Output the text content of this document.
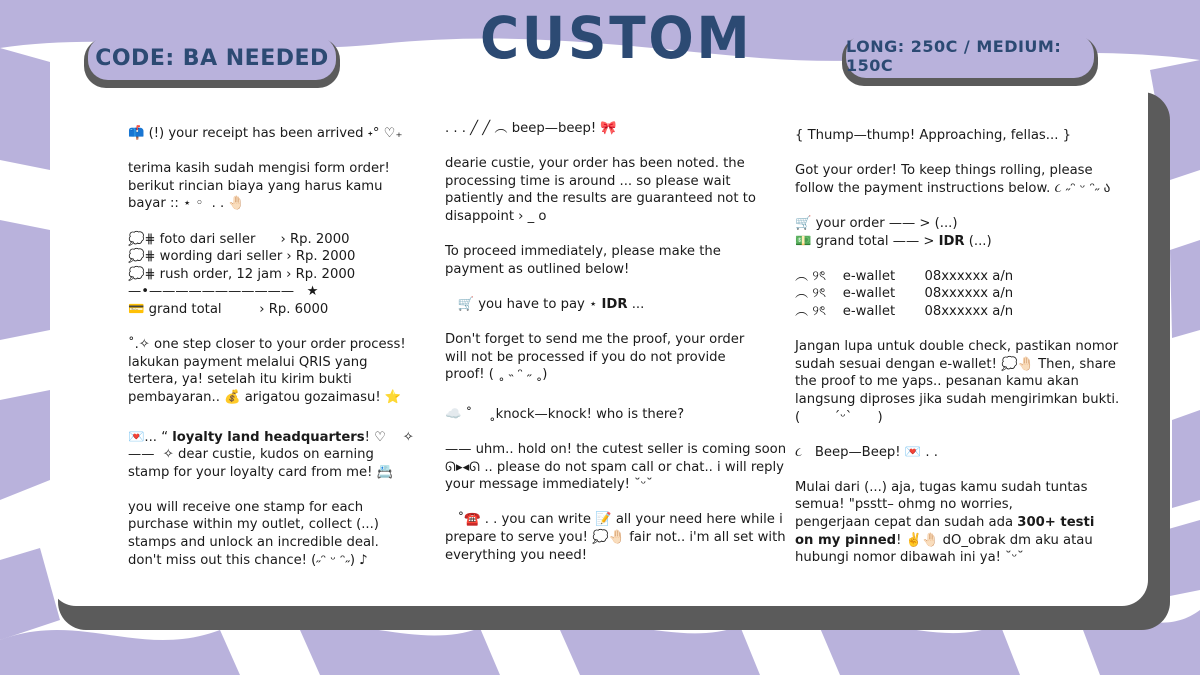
CODE: BA NEEDED	LONG: 250C / MEDIUM: 150C
CUSTOM
📫 (!) your receipt has been arrived ˖° ♡₊
terima kasih sudah mengisi form order!
berikut rincian biaya yang harus kamu
bayar :: ⋆ ◦  . . 🤚🏻
💭⋕ foto dari seller      › Rp. 2000
💭⋕ wording dari seller › Rp. 2000
💭⋕ rush order, 12 jam › Rp. 2000
—•———————————   ★
💳 grand total         › Rp. 6000
˚.✧ one step closer to your order process!
lakukan payment melalui QRIS yang
tertera, ya! setelah itu kirim bukti
pembayaran.. 💰 arigatou gozaimasu! ⭐
💌... “ loyalty land headquarters! ♡    ✧
——  ✧ dear custie, kudos on earning
stamp for your loyalty card from me! 📇
you will receive one stamp for each
purchase within my outlet, collect (...)
stamps and unlock an incredible deal.
don't miss out this chance! (˶ᵔ ᵕ ᵔ˶) ♪
. . . ╱ ╱ ︵ beep—beep! 🎀
dearie custie, your order has been noted. the
processing time is around ... so please wait
patiently and the results are guaranteed not to
disappoint › _ o
To proceed immediately, please make the
payment as outlined below!
🛒 you have to pay ⋆ IDR ...
Don't forget to send me the proof, your order
will not be processed if you do not provide
proof! ( ˳ ˵ ᵔ ˶ ˳)
☁️ ˚    ˳knock—knock! who is there?
—— uhm.. hold on! the cutest seller is coming soon
ᘏ▸◂ᘏ .. please do not spam call or chat.. i will reply
your message immediately! ˘ᵕ˘
˚☎️ . . you can write 📝 all your need here while i
prepare to serve you! 💭🤚🏻 fair not.. i'm all set with
everything you need!
{ Thump—thump! Approaching, fellas... }
Got your order! To keep things rolling, please
follow the payment instructions below. ૮ ˶ᵔ ᵕ ᵔ˶ ა
🛒 your order —— > (...)
💵 grand total —— > IDR (...)
︵ ୨ৎ    e-wallet       08xxxxxx a/n
︵ ୨ৎ    e-wallet       08xxxxxx a/n
︵ ୨ৎ    e-wallet       08xxxxxx a/n
Jangan lupa untuk double check, pastikan nomor
sudah sesuai dengan e-wallet! 💭🤚🏻 Then, share
the proof to me yaps.. pesanan kamu akan
langsung diproses jika sudah mengirimkan bukti.
(        ´ᵕ`      )
૮   Beep—Beep! 💌 . .
Mulai dari (...) aja, tugas kamu sudah tuntas
semua! "psstt– ohmg no worries,
pengerjaan cepat dan sudah ada 300+ testi
on my pinned! ✌️🤚🏻 dO_obrak dm aku atau
hubungi nomor dibawah ini ya! ˘ᵕ˘
